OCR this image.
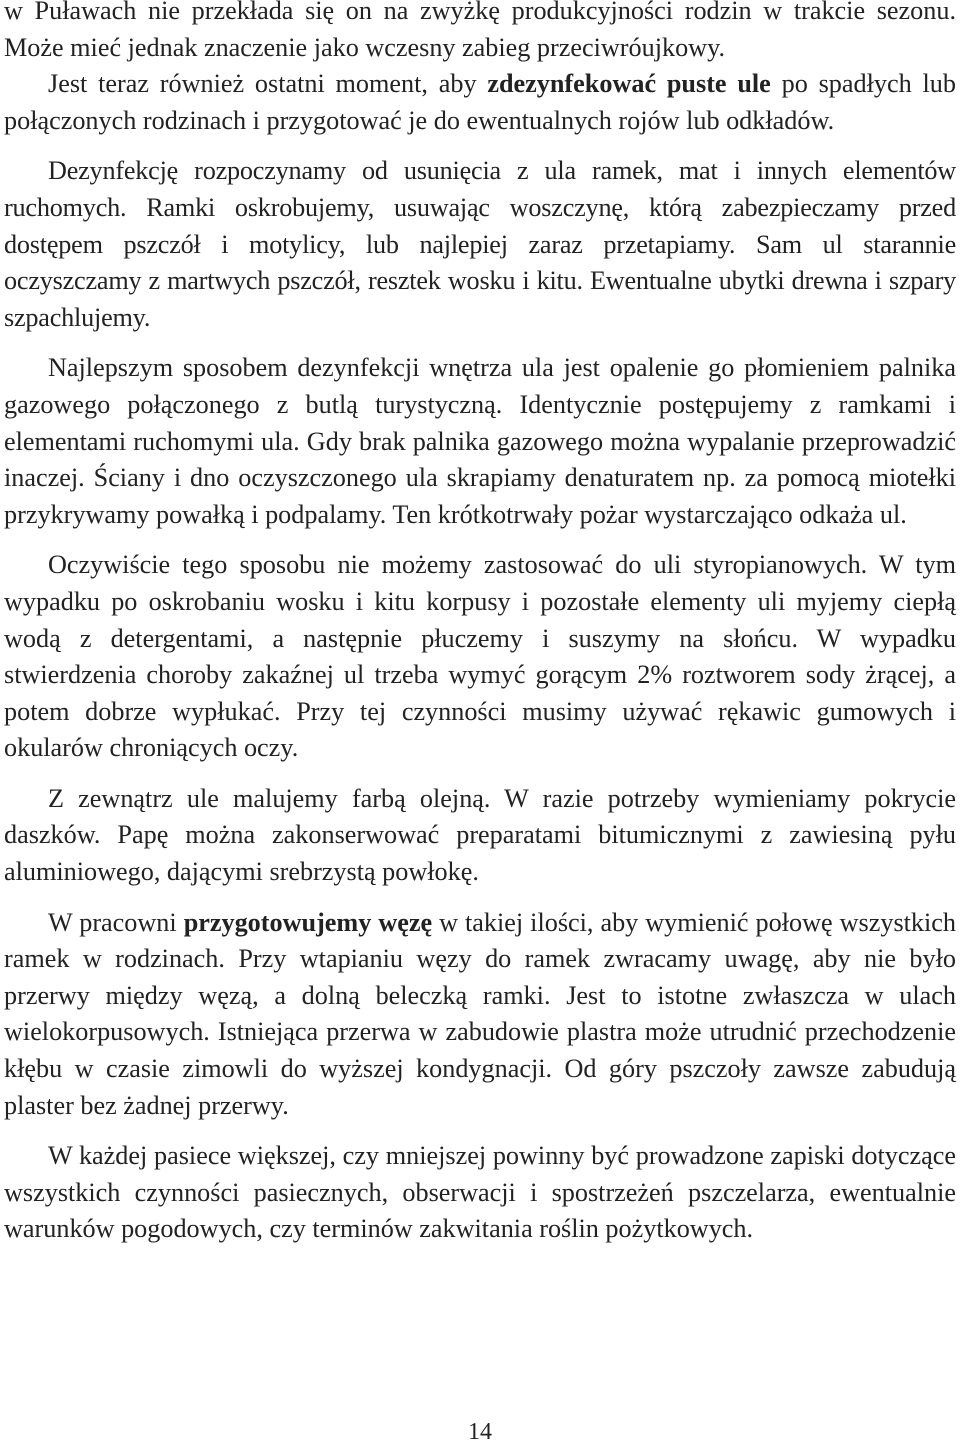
w Puławach nie przekłada się on na zwyżkę produkcyjności rodzin w trakcie sezonu. Może mieć jednak znaczenie jako wczesny zabieg przeciwróujkowy.

Jest teraz również ostatni moment, aby zdezynfekować puste ule po spadłych lub połączonych rodzinach i przygotować je do ewentualnych rojów lub odkładów.

Dezynfekcję rozpoczynamy od usunięcia z ula ramek, mat i innych elementów ruchomych. Ramki oskrobujemy, usuwając woszczynę, którą zabezpieczamy przed dostępem pszczół i motylicy, lub najlepiej zaraz przetapiamy. Sam ul starannie oczyszczamy z martwych pszczół, resztek wosku i kitu. Ewentualne ubytki drewna i szpary szpachlujemy.

Najlepszym sposobem dezynfekcji wnętrza ula jest opalenie go płomieniem palnika gazowego połączonego z butlą turystyczną. Identycznie postępujemy z ramkami i elementami ruchomymi ula. Gdy brak palnika gazowego można wypalanie przeprowadzić inaczej. Ściany i dno oczyszczonego ula skrapiamy denaturatem np. za pomocą miotełki przykrywamy powałką i podpalamy. Ten krótkotrwały pożar wystarczająco odkaża ul.

Oczywiście tego sposobu nie możemy zastosować do uli styropianowych. W tym wypadku po oskrobaniu wosku i kitu korpusy i pozostałe elementy uli myjemy ciepłą wodą z detergentami, a następnie płuczemy i suszymy na słońcu. W wypadku stwierdzenia choroby zakaźnej ul trzeba wymyć gorącym 2% roztworem sody żrącej, a potem dobrze wypłukać. Przy tej czynności musimy używać rękawic gumowych i okularów chroniących oczy.

Z zewnątrz ule malujemy farbą olejną. W razie potrzeby wymieniamy pokrycie daszków. Papę można zakonserwować preparatami bitumicznymi z zawiesiną pyłu aluminiowego, dającymi srebrzystą powłokę.

W pracowni przygotowujemy węzę w takiej ilości, aby wymienić połowę wszystkich ramek w rodzinach. Przy wtapianiu węzy do ramek zwracamy uwagę, aby nie było przerwy między węzą, a dolną beleczką ramki. Jest to istotne zwłaszcza w ulach wielokorpusowych. Istniejąca przerwa w zabudowie plastra może utrudnić przechodzenie kłębu w czasie zimowli do wyższej kondygnacji. Od góry pszczoły zawsze zabudują plaster bez żadnej przerwy.

W każdej pasiece większej, czy mniejszej powinny być prowadzone zapiski dotyczące wszystkich czynności pasiecznych, obserwacji i spostrzeżeń pszczelarza, ewentualnie warunków pogodowych, czy terminów zakwitania roślin pożytkowych.

14
